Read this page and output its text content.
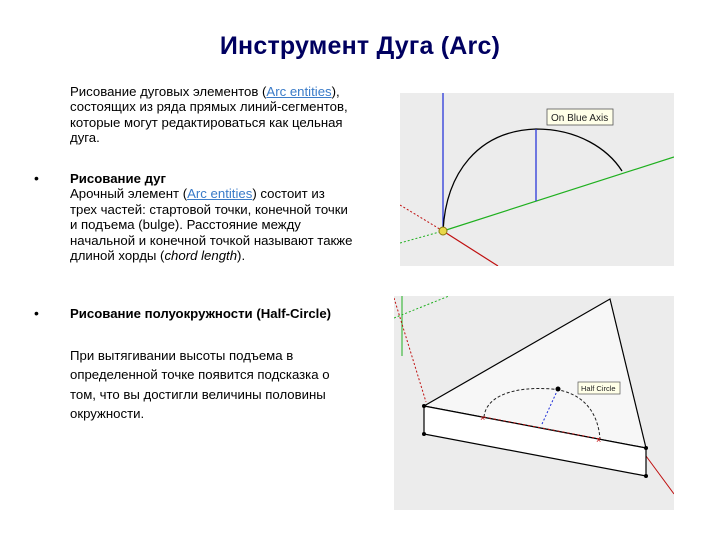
Инструмент Дуга (Arc)
Рисование дуговых элементов (Arc entities), состоящих из ряда прямых линий-сегментов, которые могут редактироваться как цельная дуга.
• Рисование дуг
Арочный элемент (Arc entities) состоит из трех частей: стартовой точки, конечной точки и подъема (bulge). Расстояние между начальной и конечной точкой называют также длиной хорды (chord length).
• Рисование полуокружности (Half-Circle)
При вытягивании высоты подъема в определенной точке появится подсказка о том, что вы достигли величины половины окружности.
On Blue Axis
×
×
Half Circle
